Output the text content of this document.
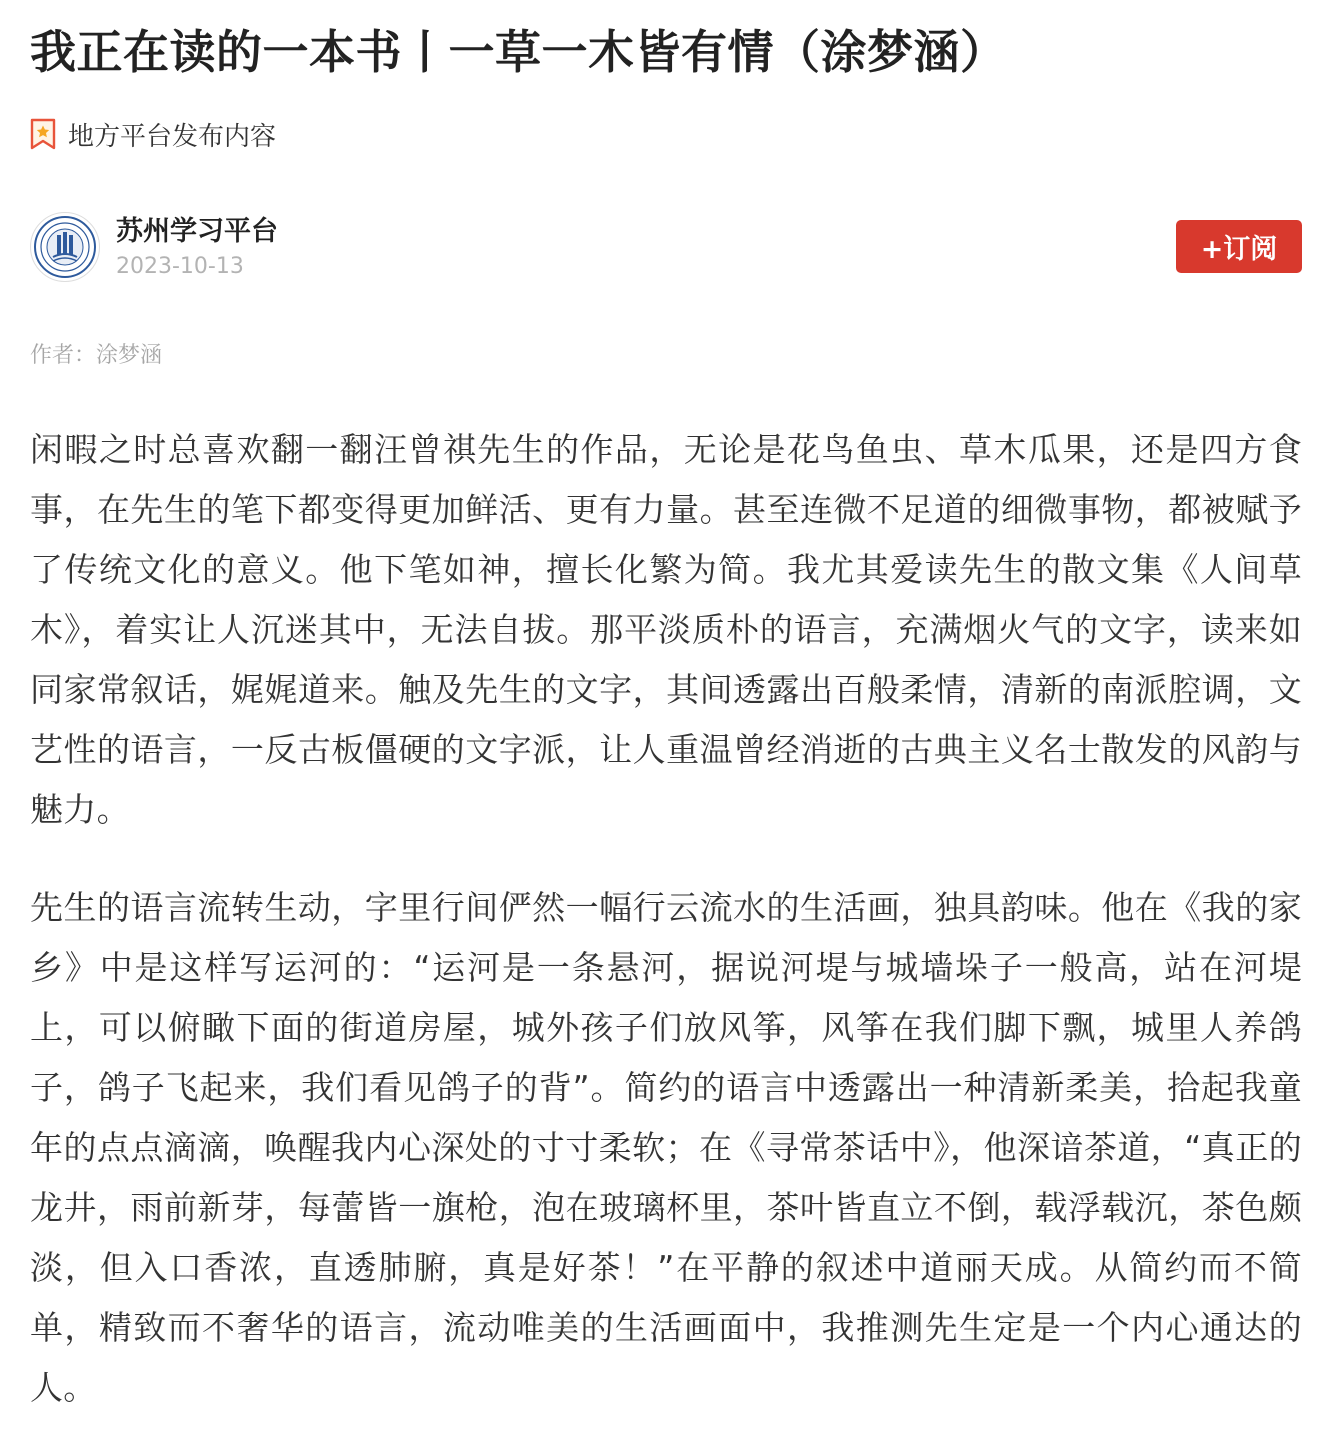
我正在读的一本书丨一草一木皆有情（涂梦涵）
地方平台发布内容
苏州学习平台
2023-10-13
+订阅
作者：涂梦涵

闲暇之时总喜欢翻一翻汪曾祺先生的作品，无论是花鸟鱼虫、草木瓜果，还是四方食事，在先生的笔下都变得更加鲜活、更有力量。甚至连微不足道的细微事物，都被赋予了传统文化的意义。他下笔如神，擅长化繁为简。我尤其爱读先生的散文集《人间草木》，着实让人沉迷其中，无法自拔。那平淡质朴的语言，充满烟火气的文字，读来如同家常叙话，娓娓道来。触及先生的文字，其间透露出百般柔情，清新的南派腔调，文艺性的语言，一反古板僵硬的文字派，让人重温曾经消逝的古典主义名士散发的风韵与魅力。

先生的语言流转生动，字里行间俨然一幅行云流水的生活画，独具韵味。他在《我的家乡》中是这样写运河的：“运河是一条悬河，据说河堤与城墙垛子一般高，站在河堤上，可以俯瞰下面的街道房屋，城外孩子们放风筝，风筝在我们脚下飘，城里人养鸽子，鸽子飞起来，我们看见鸽子的背”。简约的语言中透露出一种清新柔美，拾起我童年的点点滴滴，唤醒我内心深处的寸寸柔软；在《寻常茶话中》，他深谙茶道，“真正的龙井，雨前新芽，每蕾皆一旗枪，泡在玻璃杯里，茶叶皆直立不倒，载浮载沉，茶色颇淡，但入口香浓，直透肺腑，真是好茶！”在平静的叙述中道丽天成。从简约而不简单，精致而不奢华的语言，流动唯美的生活画面中，我推测先生定是一个内心通达的人。
